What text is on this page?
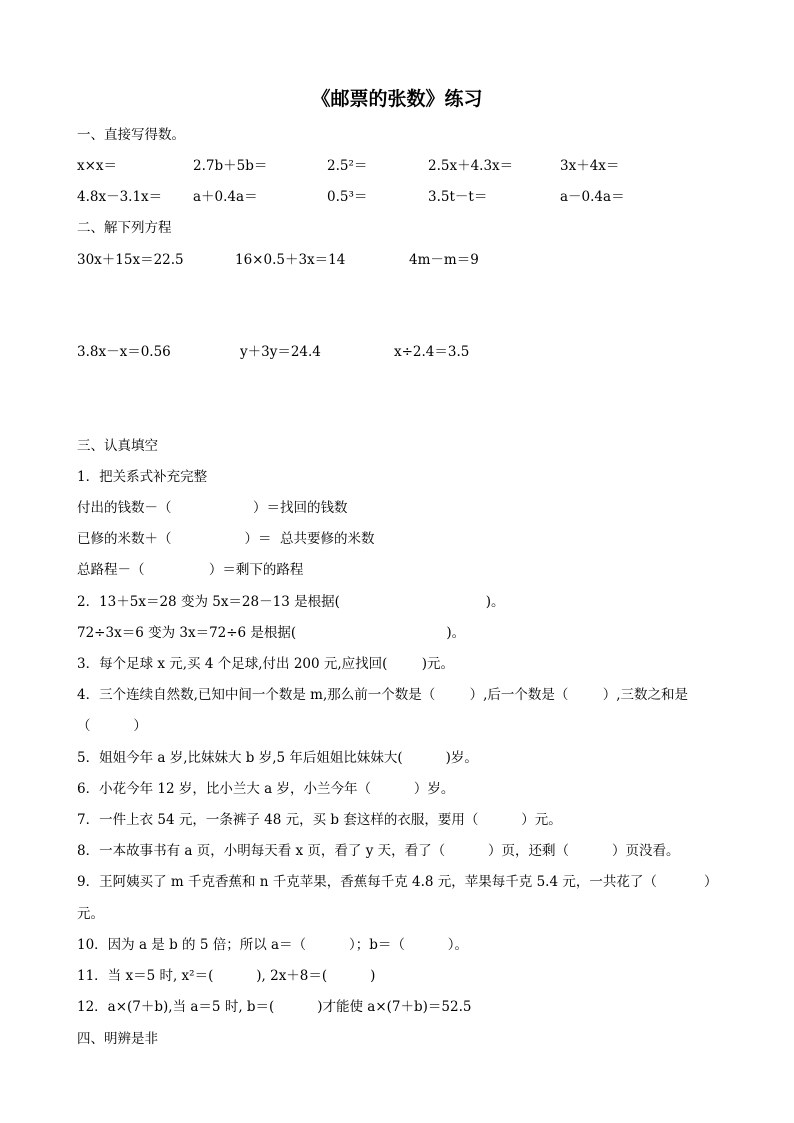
《邮票的张数》练习
一、直接写得数。
x×x＝	2.7b＋5b＝	2.5²＝	2.5x＋4.3x＝	3x＋4x＝
4.8x－3.1x＝ a＋0.4a＝	0.5³＝	3.5t－t＝	a－0.4a＝
二、解下列方程
30x＋15x＝22.5	16×0.5＋3x＝14	4m－m＝9
3.8x－x＝0.56	y＋3y＝24.4	x÷2.4＝3.5
三、认真填空
1．把关系式补充完整
付出的钱数－（                   ）＝找回的钱数
已修的米数＋（                 ）＝  总共要修的米数
总路程－（               ）＝剩下的路程
2．13＋5x＝28 变为 5x＝28－13 是根据(                                  )。
72÷3x＝6 变为 3x＝72÷6 是根据(                                   )。
3．每个足球 x 元,买 4 个足球,付出 200 元,应找回(        )元。
4．三个连续自然数,已知中间一个数是 m,那么前一个数是（        ）,后一个数是（        ）,三数之和是
（          ）
5．姐姐今年 a 岁,比妹妹大 b 岁,5 年后姐姐比妹妹大(          )岁。
6．小花今年 12 岁，比小兰大 a 岁，小兰今年（          ）岁。
7．一件上衣 54 元，一条裤子 48 元，买 b 套这样的衣服，要用（          ）元。
8．一本故事书有 a 页，小明每天看 x 页，看了 y 天，看了（          ）页，还剩（          ）页没看。
9．王阿姨买了 m 千克香蕉和 n 千克苹果，香蕉每千克 4.8 元，苹果每千克 5.4 元，一共花了（           ）
元。
10．因为 a 是 b 的 5 倍；所以 a＝（          ）；b＝（          ）。
11．当 x＝5 时, x²＝(          ), 2x＋8＝(          )
12．a×(7＋b),当 a＝5 时, b＝(          )才能使 a×(7＋b)＝52.5
四、明辨是非
